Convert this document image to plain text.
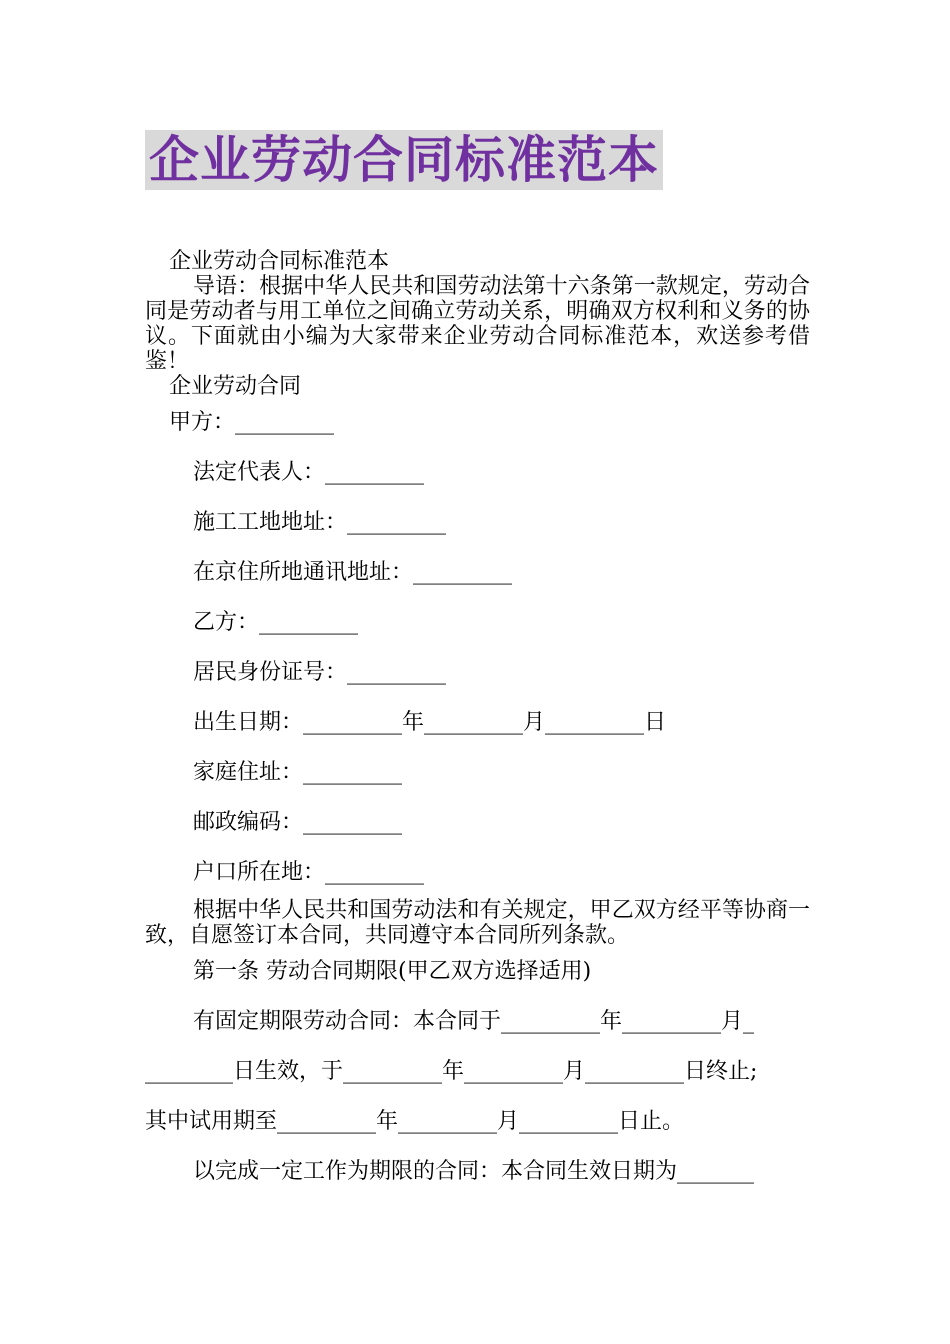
企业劳动合同标准范本
企业劳动合同标准范本
导语：根据中华人民共和国劳动法第十六条第一款规定，劳动合同是劳动者与用工单位之间确立劳动关系，明确双方权利和义务的协议。下面就由小编为大家带来企业劳动合同标准范本，欢送参考借鉴！
企业劳动合同
甲方：_________
法定代表人：_________
施工工地地址：_________
在京住所地通讯地址：_________
乙方：_________
居民身份证号：_________
出生日期：_________年_________月_________日
家庭住址：_________
邮政编码：_________
户口所在地：_________
根据中华人民共和国劳动法和有关规定，甲乙双方经平等协商一致，自愿签订本合同，共同遵守本合同所列条款。
第一条 劳动合同期限(甲乙双方选择适用)
有固定期限劳动合同：本合同于_________年_________月_
________日生效，于_________年_________月_________日终止;
其中试用期至_________年_________月_________日止。
以完成一定工作为期限的合同：本合同生效日期为_______
